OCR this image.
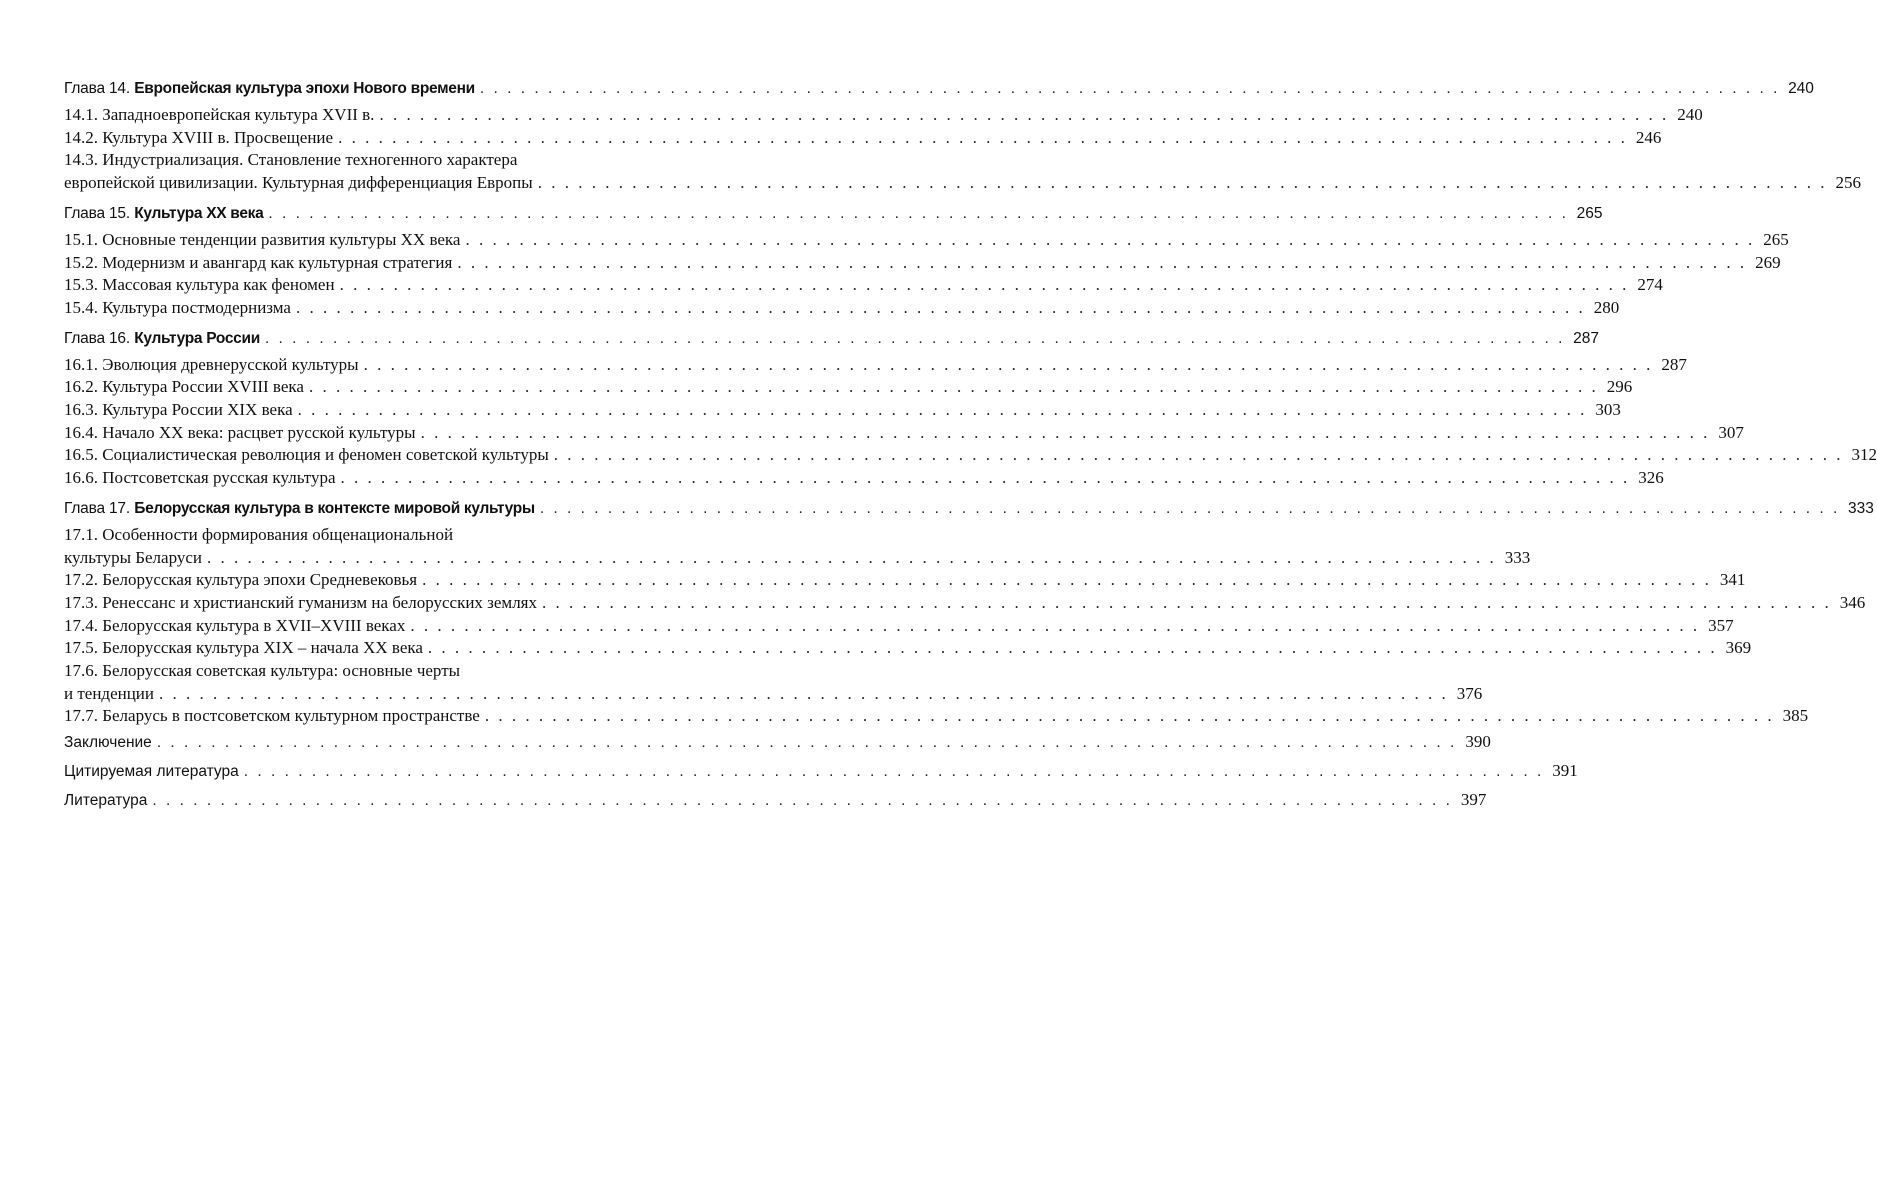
Глава 14. Европейская культура эпохи Нового времени . . . . . . . . . . . . . . . . . . . . . . . . . . . . . . . . . . . . . . . . . . . . . . . . . . . . . . . . . . . . . . . . . . . . . . . . . . . . . . . . . . . . . . . . . . . . . . . . 240
14.1. Западноевропейская культура XVII в. . . . . . . . . . . . . . . . . . . . . . . . . . . . . . . . . . . . . . . . . . . . . . . . . . . . . . . . . . . . . . . . . . . . . . . . . . . . . . . . . . . . . . . . . . . . . . . . . 240
14.2. Культура XVIII в. Просвещение . . . . . . . . . . . . . . . . . . . . . . . . . . . . . . . . . . . . . . . . . . . . . . . . . . . . . . . . . . . . . . . . . . . . . . . . . . . . . . . . . . . . . . . . . . . . . . . . 246
14.3. Индустриализация. Становление техногенного характера
европейской цивилизации. Культурная дифференциация Европы . . . . . . . . . . . . . . . . . . . . . . . . . . . . . . . . . . . . . . . . . . . . . . . . . . . . . . . . . . . . . . . . . . . . . . . . . . . . . . . . . . . . . . . . . . . . . . . . 256
Глава 15. Культура XX века . . . . . . . . . . . . . . . . . . . . . . . . . . . . . . . . . . . . . . . . . . . . . . . . . . . . . . . . . . . . . . . . . . . . . . . . . . . . . . . . . . . . . . . . . . . . . . . . 265
15.1. Основные тенденции развития культуры XX века . . . . . . . . . . . . . . . . . . . . . . . . . . . . . . . . . . . . . . . . . . . . . . . . . . . . . . . . . . . . . . . . . . . . . . . . . . . . . . . . . . . . . . . . . . . . . . . . 265
15.2. Модернизм и авангард как культурная стратегия . . . . . . . . . . . . . . . . . . . . . . . . . . . . . . . . . . . . . . . . . . . . . . . . . . . . . . . . . . . . . . . . . . . . . . . . . . . . . . . . . . . . . . . . . . . . . . . . 269
15.3. Массовая культура как феномен . . . . . . . . . . . . . . . . . . . . . . . . . . . . . . . . . . . . . . . . . . . . . . . . . . . . . . . . . . . . . . . . . . . . . . . . . . . . . . . . . . . . . . . . . . . . . . . . 274
15.4. Культура постмодернизма . . . . . . . . . . . . . . . . . . . . . . . . . . . . . . . . . . . . . . . . . . . . . . . . . . . . . . . . . . . . . . . . . . . . . . . . . . . . . . . . . . . . . . . . . . . . . . . . 280
Глава 16. Культура России . . . . . . . . . . . . . . . . . . . . . . . . . . . . . . . . . . . . . . . . . . . . . . . . . . . . . . . . . . . . . . . . . . . . . . . . . . . . . . . . . . . . . . . . . . . . . . . . 287
16.1. Эволюция древнерусской культуры . . . . . . . . . . . . . . . . . . . . . . . . . . . . . . . . . . . . . . . . . . . . . . . . . . . . . . . . . . . . . . . . . . . . . . . . . . . . . . . . . . . . . . . . . . . . . . . . 287
16.2. Культура России XVIII века . . . . . . . . . . . . . . . . . . . . . . . . . . . . . . . . . . . . . . . . . . . . . . . . . . . . . . . . . . . . . . . . . . . . . . . . . . . . . . . . . . . . . . . . . . . . . . . . 296
16.3. Культура России XIX века . . . . . . . . . . . . . . . . . . . . . . . . . . . . . . . . . . . . . . . . . . . . . . . . . . . . . . . . . . . . . . . . . . . . . . . . . . . . . . . . . . . . . . . . . . . . . . . . 303
16.4. Начало XX века: расцвет русской культуры . . . . . . . . . . . . . . . . . . . . . . . . . . . . . . . . . . . . . . . . . . . . . . . . . . . . . . . . . . . . . . . . . . . . . . . . . . . . . . . . . . . . . . . . . . . . . . . . 307
16.5. Социалистическая революция и феномен советской культуры . . . . . . . . . . . . . . . . . . . . . . . . . . . . . . . . . . . . . . . . . . . . . . . . . . . . . . . . . . . . . . . . . . . . . . . . . . . . . . . . . . . . . . . . . . . . . . . . 312
16.6. Постсоветская русская культура . . . . . . . . . . . . . . . . . . . . . . . . . . . . . . . . . . . . . . . . . . . . . . . . . . . . . . . . . . . . . . . . . . . . . . . . . . . . . . . . . . . . . . . . . . . . . . . . 326
Глава 17. Белорусская культура в контексте мировой культуры . . . . . . . . . . . . . . . . . . . . . . . . . . . . . . . . . . . . . . . . . . . . . . . . . . . . . . . . . . . . . . . . . . . . . . . . . . . . . . . . . . . . . . . . . . . . . . . . 333
17.1. Особенности формирования общенациональной
культуры Беларуси . . . . . . . . . . . . . . . . . . . . . . . . . . . . . . . . . . . . . . . . . . . . . . . . . . . . . . . . . . . . . . . . . . . . . . . . . . . . . . . . . . . . . . . . . . . . . . . . 333
17.2. Белорусская культура эпохи Средневековья . . . . . . . . . . . . . . . . . . . . . . . . . . . . . . . . . . . . . . . . . . . . . . . . . . . . . . . . . . . . . . . . . . . . . . . . . . . . . . . . . . . . . . . . . . . . . . . . 341
17.3. Ренессанс и христианский гуманизм на белорусских землях . . . . . . . . . . . . . . . . . . . . . . . . . . . . . . . . . . . . . . . . . . . . . . . . . . . . . . . . . . . . . . . . . . . . . . . . . . . . . . . . . . . . . . . . . . . . . . . . 346
17.4. Белорусская культура в XVII–XVIII веках . . . . . . . . . . . . . . . . . . . . . . . . . . . . . . . . . . . . . . . . . . . . . . . . . . . . . . . . . . . . . . . . . . . . . . . . . . . . . . . . . . . . . . . . . . . . . . . . 357
17.5. Белорусская культура XIX – начала XX века . . . . . . . . . . . . . . . . . . . . . . . . . . . . . . . . . . . . . . . . . . . . . . . . . . . . . . . . . . . . . . . . . . . . . . . . . . . . . . . . . . . . . . . . . . . . . . . . 369
17.6. Белорусская советская культура: основные черты
и тенденции . . . . . . . . . . . . . . . . . . . . . . . . . . . . . . . . . . . . . . . . . . . . . . . . . . . . . . . . . . . . . . . . . . . . . . . . . . . . . . . . . . . . . . . . . . . . . . . . 376
17.7. Беларусь в постсоветском культурном пространстве . . . . . . . . . . . . . . . . . . . . . . . . . . . . . . . . . . . . . . . . . . . . . . . . . . . . . . . . . . . . . . . . . . . . . . . . . . . . . . . . . . . . . . . . . . . . . . . . 385
Заключение . . . . . . . . . . . . . . . . . . . . . . . . . . . . . . . . . . . . . . . . . . . . . . . . . . . . . . . . . . . . . . . . . . . . . . . . . . . . . . . . . . . . . . . . . . . . . . . . 390
Цитируемая литература . . . . . . . . . . . . . . . . . . . . . . . . . . . . . . . . . . . . . . . . . . . . . . . . . . . . . . . . . . . . . . . . . . . . . . . . . . . . . . . . . . . . . . . . . . . . . . . . 391
Литература . . . . . . . . . . . . . . . . . . . . . . . . . . . . . . . . . . . . . . . . . . . . . . . . . . . . . . . . . . . . . . . . . . . . . . . . . . . . . . . . . . . . . . . . . . . . . . . . 397
